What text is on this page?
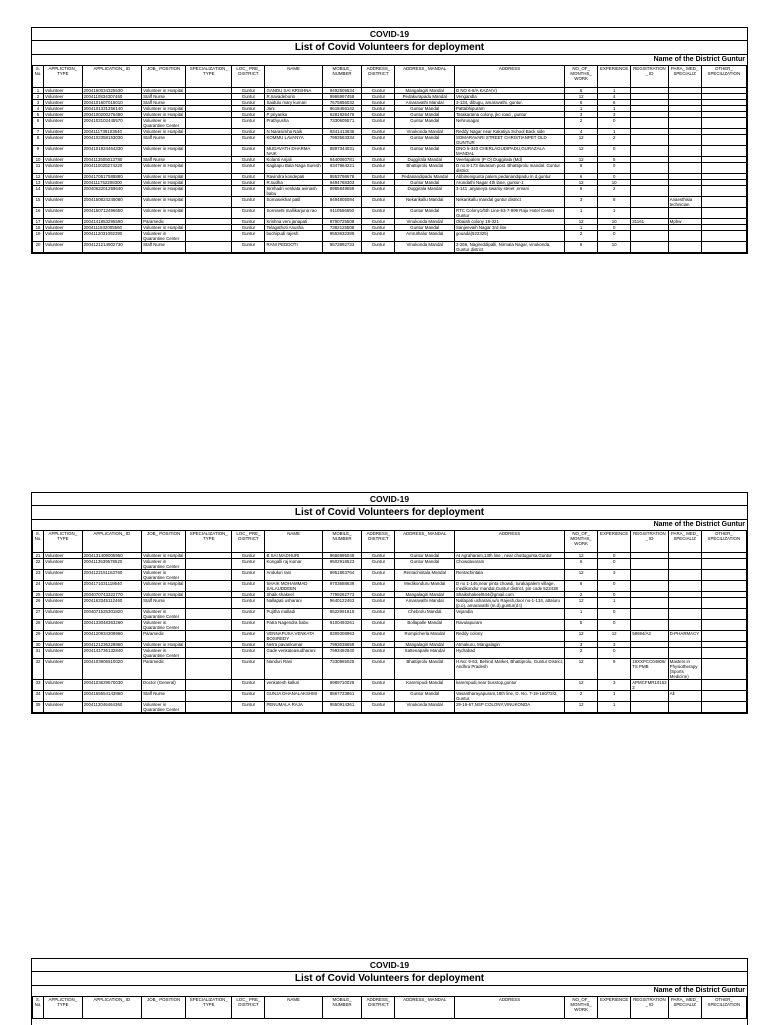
COVID-19
List of Covid Volunteers for deployment
Name of the District Guntur
S. No.	APPLICTION_ TYPE	APPLICATION_ ID	JOB_ POSITION	SPECIALIZATION_ TYPE	LOC_ PRE_ DISTRICT	NAME	MOBILE_ NUMBER	ADDRESS_ DISTRICT	ADDRESS_ MANDAL	ADDRESS	NO_OF_ MONTHS_ WORK	EXPERIENCE	REGISTRATION_ ID	PARA_ MED_ SPECIALIZ	OTHER_ SPECILIZATION
1	Volunteer	2004160034325530	Volunteer in Hospital		Guntur	GANDU SAI KRISHNA	9492505534	Guntur	Mangalagiri Mandal	D NO 6-8/A KAZA(V)	6	1			
2	Volunteer	2004110834307460	Staff Nurse		Guntur	R.navadeborin	9966997458	Guntur	Pedakurapadu Mandal	Vengandla	12	4			
3	Volunteer	2004101607016010	Staff Nurse		Guntur	Saidulu mary kumari	7675856032	Guntur	Amaravathi Mandal	3-134, dibugu, amaravathi, guntur.	6	6			
4	Volunteer	2004101331256140	Volunteer in Hospital		Guntur	Jani	9618456142	Guntur	Guntur Mandal	Pattabhipuram	1	1			
5	Volunteer	2004100200276480	Volunteer in Hospital		Guntur	P priyanka	6281926476	Guntur	Guntur Mandal	Tarakarama colony, jkc road , guntur	3	3			
6	Volunteer	2004102102445570	Volunteer in Quarantine Center		Guntur	Prathyusha	7330605571	Guntur	Guntur Mandal	Nehrunagar	2	0			
7	Volunteer	2004111739103640	Volunteer in Hospital		Guntur	N Narasimha Naik	8341413636	Guntur	Vinukonda Mandal	Reddy Nagar near Kakatiya School Back side	4	1			
8	Volunteer	2004102358153030	Staff Nurse		Guntur	KOMMU LAVANYA	7993563334	Guntur	Guntur Mandal	SOMARAVARI STREET CHRISTIANPET OLD GUNTUR	12	2			
9	Volunteer	2004101924464330	Volunteer in Hospital		Guntur	MUDAVATH DHARMA NAIK	8897344031	Guntur	Guntur Mandal	DNO 5-340 CHERLAGUDIPADU,GURAZALA MANDAL	12	0			
10	Volunteer	2004113505013780	Staff Nurse		Guntur	Kolanti Anjali	9440060781	Guntur	Duggirala Mandal	Veerlapalem (P O) Duggirala (Md)	12	5			
11	Volunteer	2004110025274220	Volunteer in Hospital		Guntur	Kagitapu Bala Naga Suresh	9347964221	Guntur	Bhattiprolu Mandal	D no 8-173 ilavaram post. Bhattiprolu mandal. Guntur district	6	0			
12	Volunteer	2004170517588880	Volunteer in Hospital		Guntur	Ravindra kondepati	9553798678	Guntur	Pedanandipadu Mandal	Abbinenigunta palem,pedanandipadu m d,guntur	6	0			
13	Volunteer	2004111752208300	Volunteer in Hospital		Guntur	R.sudha	9494788303	Guntur	Guntur Mandal	Arundathi Nagar 4th lane, guntur-1	12	10			
14	Volunteer	2004062201259640	Volunteer in Hospital		Guntur	Simhadri venkata avinash babu	9985849659	Guntur	Duggirala Mandal	3-141 ,anjaneya swamy street ,emani	6	2			
15	Volunteer	2004150824245080	Volunteer in Hospital		Guntur	Somasekhar patil	9494805084	Guntur	Nekarikallu Mandal	Nekarikallu mandal guntur district	3	8		Anaesthisia technician	
16	Volunteer	2004150712496650	Volunteer in Hospital		Guntur	Somisetti mallikarjuna rao	9110556650	Guntur	Guntur Mandal	RTC Colony1/5th Line-53-7-999 Raju Hotel Center Guntur	1	1			
17	Volunteer	2004141853295590	Paramedic		Guntur	Krishna veni janapati	8790725508	Guntur	Vinukonda Mandal	Obaiah colony 19-321	12	10	31161	Mphw	
18	Volunteer	2004111532005560	Volunteer in Hospital		Guntur	Telagathoti Anusha	7382125508	Guntur	Guntur Mandal	Sanjeevaih Nagar 3rd line	1	0			
19	Volunteer	2004112031092390	Volunteer in Quarantine Center		Guntur	buchipudi rajesh	9553632389	Guntur	Amruthalur Mandal	gouada(522325)	2	0			
20	Volunteer	2004121214902730	Staff Nurse		Guntur	RANI PEDDOTI	9573892733	Guntur	Vinukonda Mandal	2-266, Nagireddipalli, Nirmala Nagar, vinukonda, Guntur district	6	10			
COVID-19
List of Covid Volunteers for deployment
Name of the District Guntur
S. No.	APPLICTION_ TYPE	APPLICATION_ ID	JOB_ POSITION	SPECIALIZATION_ TYPE	LOC_ PRE_ DISTRICT	NAME	MOBILE_ NUMBER	ADDRESS_ DISTRICT	ADDRESS_ MANDAL	ADDRESS	NO_OF_ MONTHS_ WORK	EXPERIENCE	REGISTRATION_ ID	PARA_ MED_ SPECIALIZ	OTHER_ SPECILIZATION
21	Volunteer	2004131409005950	Volunteer in Hospital		Guntur	B SAI MADHURI	9666995049	Guntur	Guntur Mandal	At Agraharam,13th line , near chuttugunta,Guntur	12	0			
22	Volunteer	2004113539578520	Volunteer in Quarantine Center		Guntur	Kongalli raj kumar	9502918523	Guntur	Guntur Mandal	Chowdavaram	6	0			
23	Volunteer	2004122151163760	Volunteer in Quarantine Center		Guntur	Anduluri rani	9951863764	Guntur	Rentachintala Mandal	Rentachintala	12	3			
24	Volunteer	2004171031118640	Volunteer in Hospital		Guntur	SHAIK MOHAMMAD SALAUDDEEN	9703688639	Guntur	Medikonduru Mandal	D no 1-146,near pinta chowdi, turakapalem village, medikondur mandal,Guntur district, pin code 522438	6	0			
25	Volunteer	2004070743322770	Volunteer in Hospital		Guntur	Shaik shakeel	7799262773	Guntur	Mangalagiri Mandal	Shaikshakeel944@gmail.com	2	0			
26	Volunteer	2004163345112460	Staff Nurse		Guntur	Nallapati usharani	9640122463	Guntur	Amaravathi Mandal	Nallapati usharani,w/o Rajesh,door no-1-134, attaluru (p.o), amaravathi (m.d),guntur(d.t)	12	1			
27	Volunteer	2004071525301820	Volunteer in Quarantine Center		Guntur	Pujitha malladi	8522991819	Guntur	Chebrolu Mandal	Vejandla	1	0			
28	Volunteer	2004133048363260	Volunteer in Quarantine Center		Guntur	Patra Nagendra babu	9100493261	Guntur	Bollapalle Mandal	Ravulapuram	5	0			
29	Volunteer	2004120934308960	Paramedic		Guntur	VENNAPUSA VENKATA BOSIREDY	8309308963	Guntur	Rompicherla Mandal	Reddy colony	12	12	58694/A2	D-PHARMACY	
30	Volunteer	2004121236228860	Volunteer in Hospital		Guntur	Netra pavankumar	7993038659	Guntur	Mangalagiri Mandal	Atmakuru, Mangalagiri	3	3			
31	Volunteer	2004141736132840	Volunteer in Quarantine Center		Guntur	Gade venkateasudharani	7993492840	Guntur	Sattenapalle Mandal	Hydrabad	2	0			
32	Volunteer	2004103906510020	Paramedic		Guntur	Nanduri Rani	7330965025	Guntur	Bhattiprolu Mandal	H.No: 9-63, Behind Market, Bhattiprolu, Guntur District, Andhra Pradesh	12	9	19XXPCC04806/TS PMB	Masters in Physiotherapy (Sports Medicine)	
33	Volunteer	2004103629570030	Doctor (General)		Guntur	venkatesh kalluri	9989710026	Guntur	Karempudi Mandal	karempudi,near busstop,guntur	12	3	APMCFMR101532		
34	Volunteer	2004165554143860	Staff Nurse		Guntur	GUNJA DHANALAKSHMI	8867723861	Guntur	Guntur Mandal	Vasantharayapuram,18th line, D. No. 7-19-160/72/2, Guntur.	2	1		All	
35	Volunteer	2004113046464360	Volunteer in Quarantine Center		Guntur	PENUMALA RAJA	9550914361	Guntur	Vinukonda Mandal	29-16-67,NSP COLONY,VINUKONDA	12	1			
COVID-19
List of Covid Volunteers for deployment
Name of the District Guntur
S. No.	APPLICTION_ TYPE	APPLICATION_ ID	JOB_ POSITION	SPECIALIZATION_ TYPE	LOC_ PRE_ DISTRICT	NAME	MOBILE_ NUMBER	ADDRESS_ DISTRICT	ADDRESS_ MANDAL	ADDRESS	NO_OF_ MONTHS_ WORK	EXPERIENCE	REGISTRATION_ ID	PARA_ MED_ SPECIALIZ	OTHER_ SPECILIZATION
